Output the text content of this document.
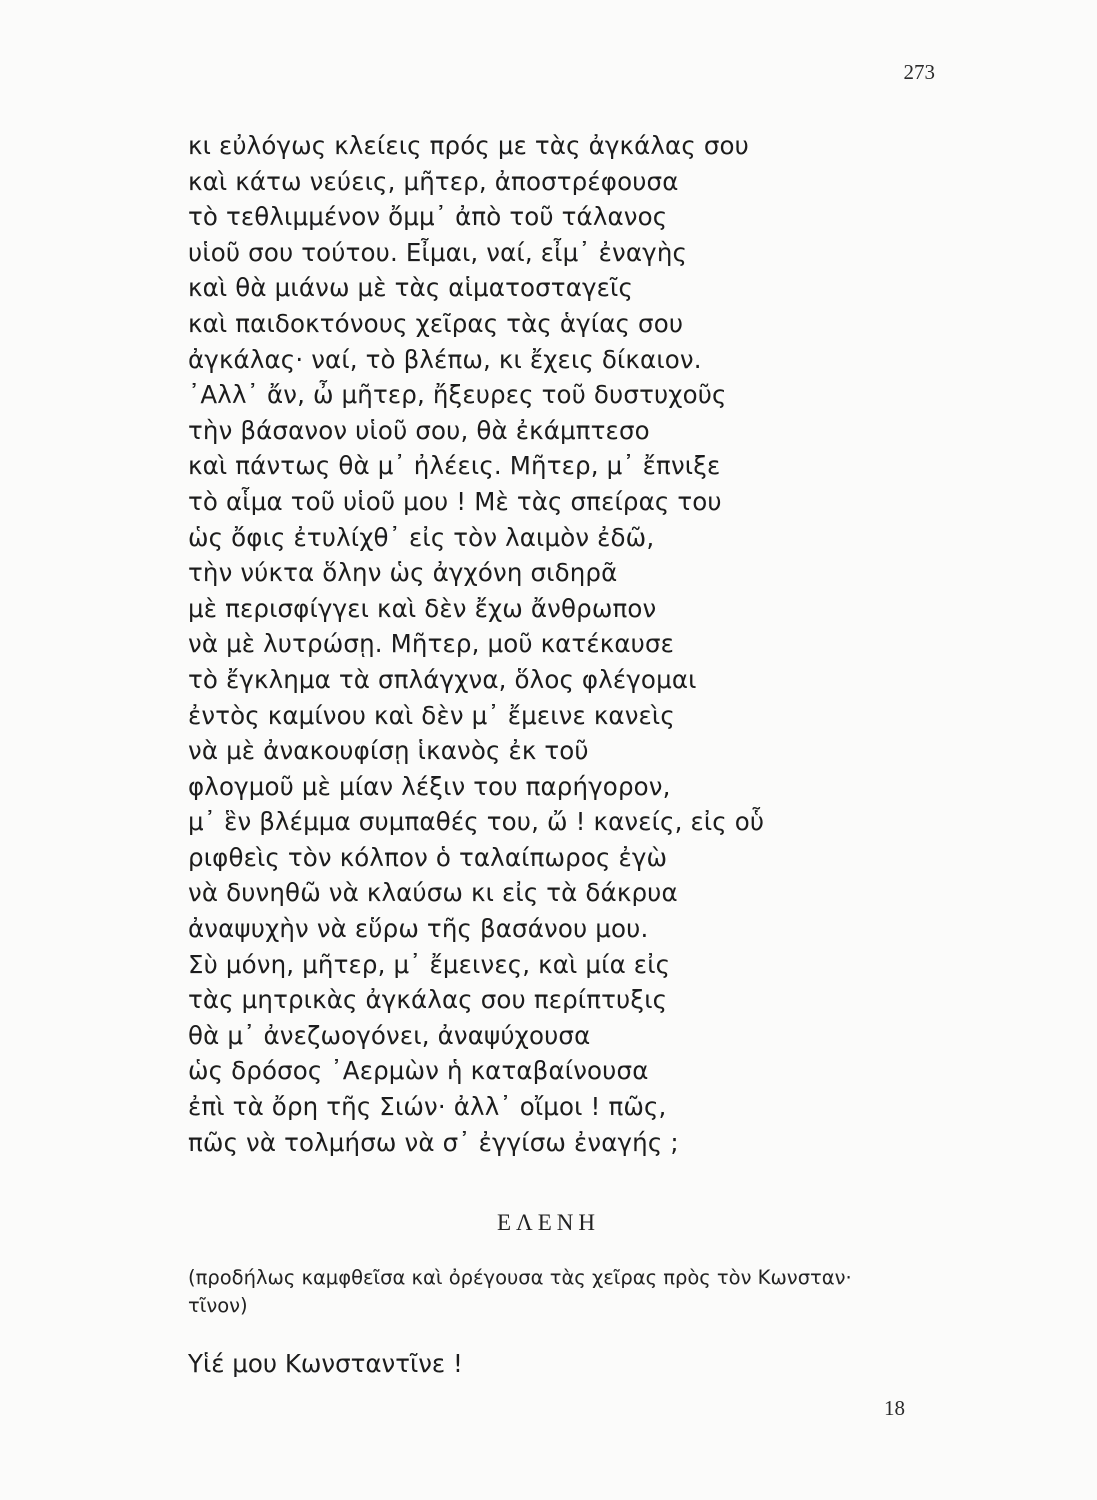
273
κι εὐλόγως κλείεις πρός με τὰς ἀγκάλας σου
καὶ κάτω νεύεις, μῆτερ, ἀποστρέφουσα
τὸ τεθλιμμένον ὄμμ᾽ ἀπὸ τοῦ τάλανος
υἱοῦ σου τούτου. Εἶμαι, ναί, εἶμ᾽ ἐναγὴς
καὶ θὰ μιάνω μὲ τὰς αἱματοσταγεῖς
καὶ παιδοκτόνους χεῖρας τὰς ἁγίας σου
ἀγκάλας· ναί, τὸ βλέπω, κι ἔχεις δίκαιον.
᾽Αλλ᾽ ἄν, ὦ μῆτερ, ἤξευρες τοῦ δυστυχοῦς
τὴν βάσανον υἱοῦ σου, θὰ ἐκάμπτεσο
καὶ πάντως θὰ μ᾽ ἠλέεις. Μῆτερ, μ᾽ ἔπνιξε
τὸ αἷμα τοῦ υἱοῦ μου ! Μὲ τὰς σπείρας του
ὡς ὄφις ἐτυλίχθ᾽ εἰς τὸν λαιμὸν ἐδῶ,
τὴν νύκτα ὅλην ὡς ἀγχόνη σιδηρᾶ
μὲ περισφίγγει καὶ δὲν ἔχω ἄνθρωπον
νὰ μὲ λυτρώσῃ. Μῆτερ, μοῦ κατέκαυσε
τὸ ἔγκλημα τὰ σπλάγχνα, ὅλος φλέγομαι
ἐντὸς καμίνου καὶ δὲν μ᾽ ἔμεινε κανεὶς
νὰ μὲ ἀνακουφίσῃ ἱκανὸς ἐκ τοῦ
φλογμοῦ μὲ μίαν λέξιν του παρήγορον,
μ᾽ ἓν βλέμμα συμπαθές του, ὤ ! κανείς, εἰς οὗ
ριφθεὶς τὸν κόλπον ὁ ταλαίπωρος ἐγὼ
νὰ δυνηθῶ νὰ κλαύσω κι εἰς τὰ δάκρυα
ἀναψυχὴν νὰ εὕρω τῆς βασάνου μου.
Σὺ μόνη, μῆτερ, μ᾽ ἔμεινες, καὶ μία εἰς
τὰς μητρικὰς ἀγκάλας σου περίπτυξις
θὰ μ᾽ ἀνεζωογόνει, ἀναψύχουσα
ὡς δρόσος ᾽Αερμὼν ἡ καταβαίνουσα
ἐπὶ τὰ ὄρη τῆς Σιών· ἀλλ᾽ οἴμοι ! πῶς,
πῶς νὰ τολμήσω νὰ σ᾽ ἐγγίσω ἐναγής ;
ΕΛΕΝΗ
(προδήλως καμφθεῖσα καὶ ὀρέγουσα τὰς χεῖρας πρὸς τὸν Κωνσταν·
τῖνον)
Υἱέ μου Κωνσταντῖνε !
18
